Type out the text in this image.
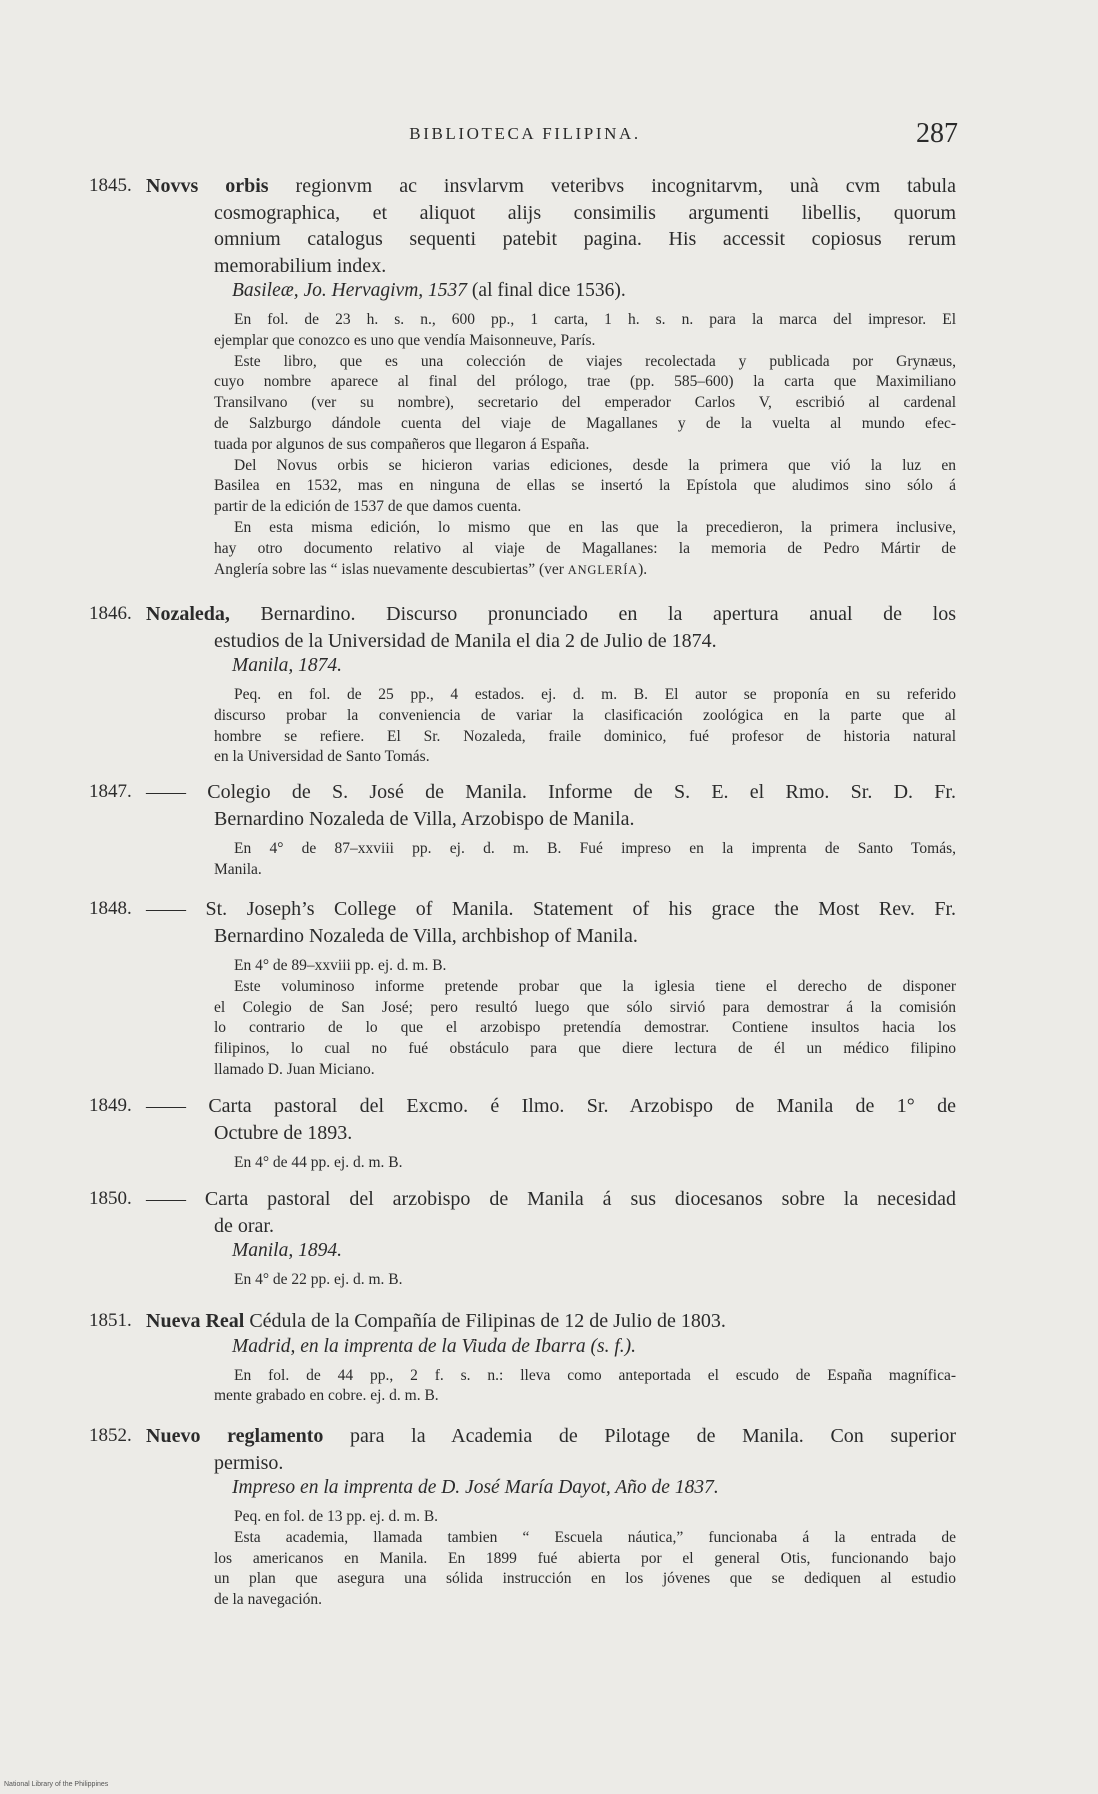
BIBLIOTECA FILIPINA.	287
1845. Novvs orbis regionvm ac insvlarvm veteribvs incognitarvm, unà cvm tabula
cosmographica, et aliquot alijs consimilis argumenti libellis, quorum
omnium catalogus sequenti patebit pagina. His accessit copiosus rerum
memorabilium index.
Basileæ, Jo. Hervagivm, 1537 (al final dice 1536).
En fol. de 23 h. s. n., 600 pp., 1 carta, 1 h. s. n. para la marca del impresor. El
ejemplar que conozco es uno que vendía Maisonneuve, París.
Este libro, que es una colección de viajes recolectada y publicada por Grynæus,
cuyo nombre aparece al final del prólogo, trae (pp. 585–600) la carta que Maximiliano
Transilvano (ver su nombre), secretario del emperador Carlos V, escribió al cardenal
de Salzburgo dándole cuenta del viaje de Magallanes y de la vuelta al mundo efec-
tuada por algunos de sus compañeros que llegaron á España.
Del Novus orbis se hicieron varias ediciones, desde la primera que vió la luz en
Basilea en 1532, mas en ninguna de ellas se insertó la Epístola que aludimos sino sólo á
partir de la edición de 1537 de que damos cuenta.
En esta misma edición, lo mismo que en las que la precedieron, la primera inclusive,
hay otro documento relativo al viaje de Magallanes: la memoria de Pedro Mártir de
Anglería sobre las “ islas nuevamente descubiertas” (ver ANGLERÍA).
1846. Nozaleda, Bernardino. Discurso pronunciado en la apertura anual de los
estudios de la Universidad de Manila el dia 2 de Julio de 1874.
Manila, 1874.
Peq. en fol. de 25 pp., 4 estados. ej. d. m. B. El autor se proponía en su referido
discurso probar la conveniencia de variar la clasificación zoológica en la parte que al
hombre se refiere. El Sr. Nozaleda, fraile dominico, fué profesor de historia natural
en la Universidad de Santo Tomás.
1847. —— Colegio de S. José de Manila. Informe de S. E. el Rmo. Sr. D. Fr.
Bernardino Nozaleda de Villa, Arzobispo de Manila.
En 4° de 87–xxviii pp. ej. d. m. B. Fué impreso en la imprenta de Santo Tomás,
Manila.
1848. —— St. Joseph’s College of Manila. Statement of his grace the Most Rev. Fr.
Bernardino Nozaleda de Villa, archbishop of Manila.
En 4° de 89–xxviii pp. ej. d. m. B.
Este voluminoso informe pretende probar que la iglesia tiene el derecho de disponer
el Colegio de San José; pero resultó luego que sólo sirvió para demostrar á la comisión
lo contrario de lo que el arzobispo pretendía demostrar. Contiene insultos hacia los
filipinos, lo cual no fué obstáculo para que diere lectura de él un médico filipino
llamado D. Juan Miciano.
1849. —— Carta pastoral del Excmo. é Ilmo. Sr. Arzobispo de Manila de 1° de
Octubre de 1893.
En 4° de 44 pp. ej. d. m. B.
1850. —— Carta pastoral del arzobispo de Manila á sus diocesanos sobre la necesidad
de orar.
Manila, 1894.
En 4° de 22 pp. ej. d. m. B.
1851. Nueva Real Cédula de la Compañía de Filipinas de 12 de Julio de 1803.
Madrid, en la imprenta de la Viuda de Ibarra (s. f.).
En fol. de 44 pp., 2 f. s. n.: lleva como anteportada el escudo de España magnífica-
mente grabado en cobre. ej. d. m. B.
1852. Nuevo reglamento para la Academia de Pilotage de Manila. Con superior
permiso.
Impreso en la imprenta de D. José María Dayot, Año de 1837.
Peq. en fol. de 13 pp. ej. d. m. B.
Esta academia, llamada tambien “ Escuela náutica,” funcionaba á la entrada de
los americanos en Manila. En 1899 fué abierta por el general Otis, funcionando bajo
un plan que asegura una sólida instrucción en los jóvenes que se dediquen al estudio
de la navegación.
National Library of the Philippines
